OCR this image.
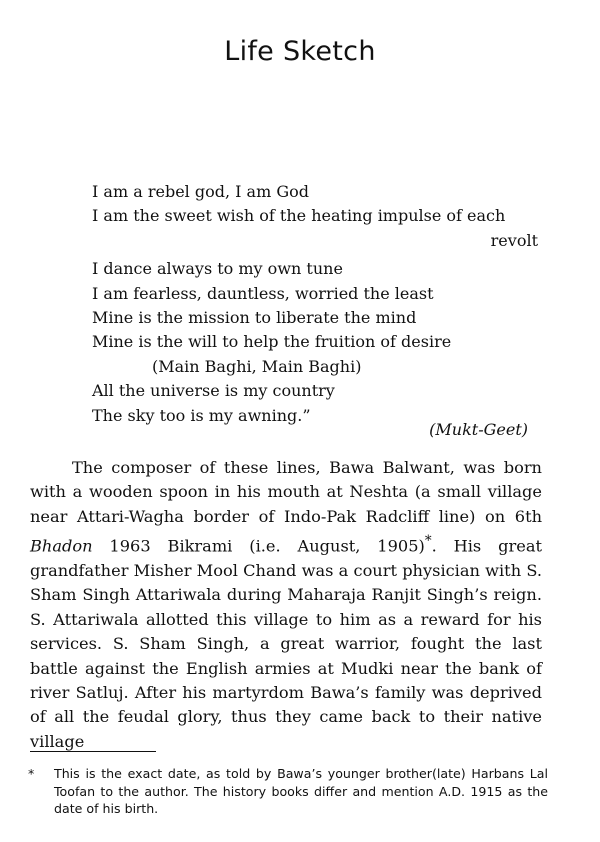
Life Sketch
I am a rebel god, I am God
I am the sweet wish of the heating impulse of each
revolt
I dance always to my own tune
I am fearless, dauntless, worried the least
Mine is the mission to liberate the mind
Mine is the will to help the fruition of desire
(Main Baghi, Main Baghi)
All the universe is my country
The sky too is my awning.”
(Mukt-Geet)
The composer of these lines, Bawa Balwant, was born with a wooden spoon in his mouth at Neshta (a small village near Attari-Wagha border of Indo-Pak Radcliff line) on 6th Bhadon 1963 Bikrami (i.e. August, 1905)*. His great grandfather Misher Mool Chand was a court physician with S. Sham Singh Attariwala during Maharaja Ranjit Singh’s reign. S. Attariwala allotted this village to him as a reward for his services. S. Sham Singh, a great warrior, fought the last battle against the English armies at Mudki near the bank of river Satluj. After his martyrdom Bawa’s family was deprived of all the feudal glory, thus they came back to their native village
*	This is the exact date, as told by Bawa’s younger brother(late) Harbans Lal Toofan to the author. The history books differ and mention A.D. 1915 as the date of his birth.
